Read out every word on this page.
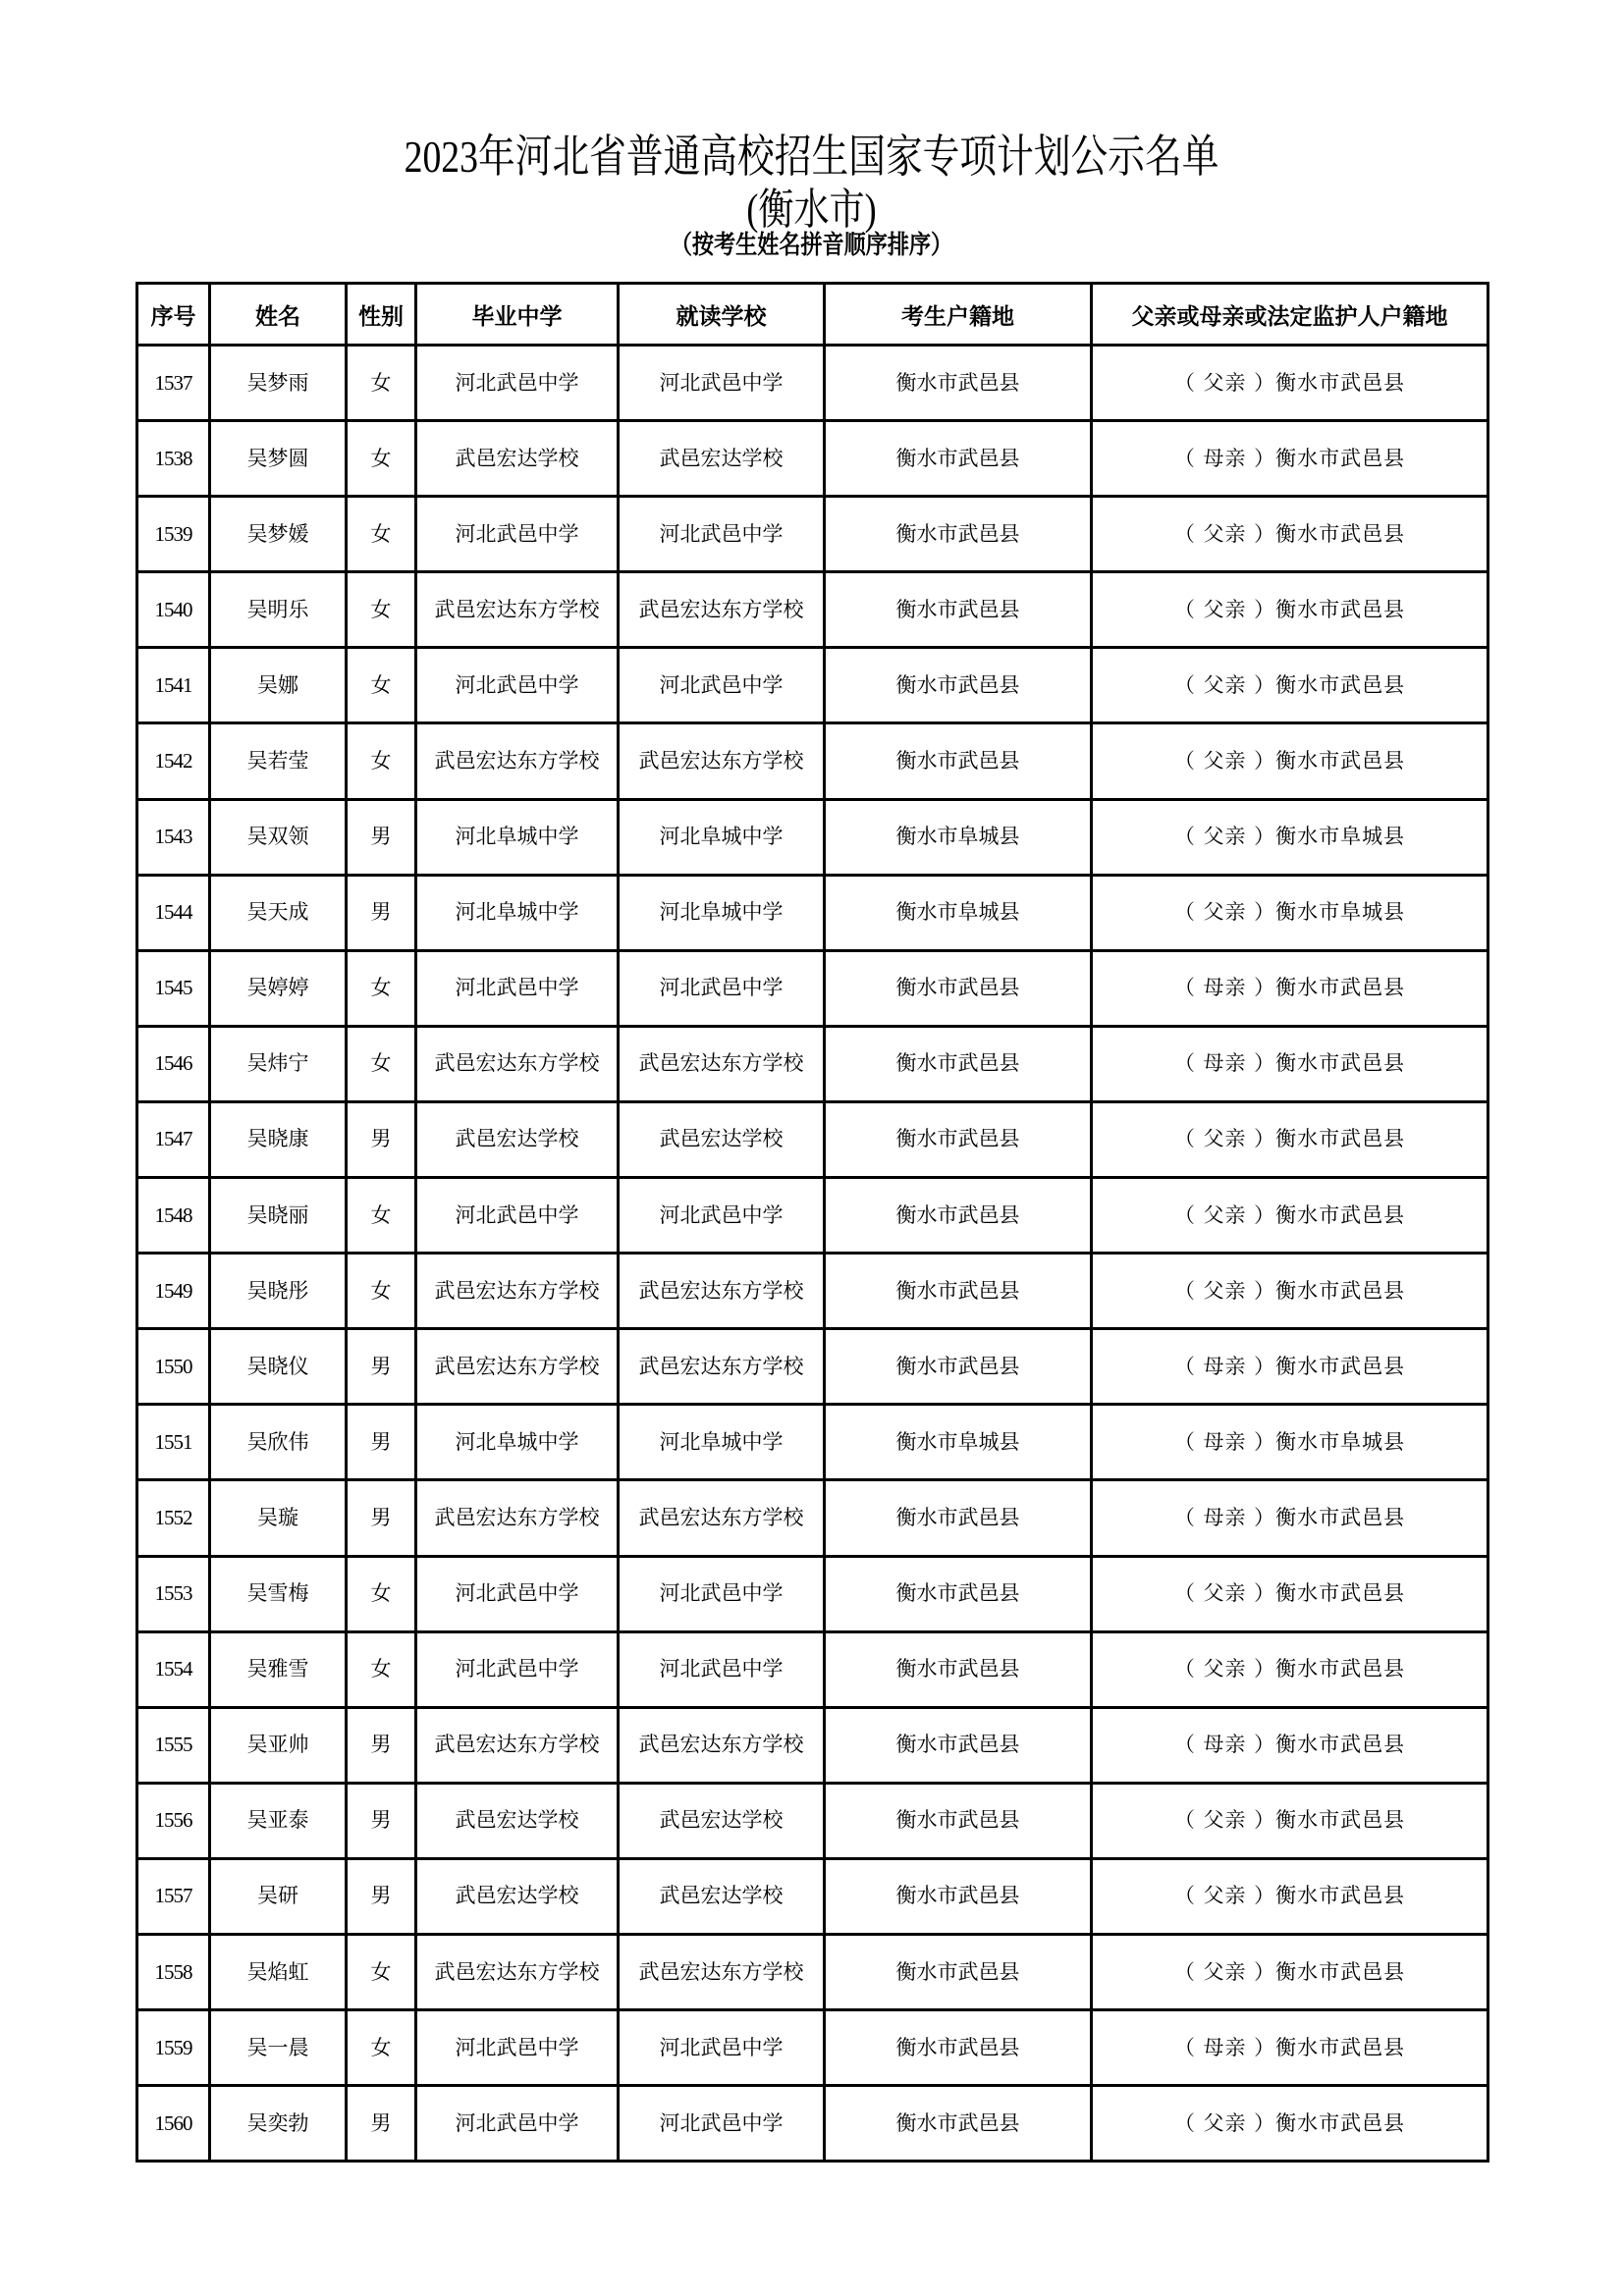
2023年河北省普通高校招生国家专项计划公示名单
(衡水市)
（按考生姓名拼音顺序排序）
序号	姓名	性别	毕业中学	就读学校	考生户籍地	父亲或母亲或法定监护人户籍地
1537	吴梦雨	女	河北武邑中学	河北武邑中学	衡水市武邑县	（ 父亲 ）衡水市武邑县
1538	吴梦圆	女	武邑宏达学校	武邑宏达学校	衡水市武邑县	（ 母亲 ）衡水市武邑县
1539	吴梦媛	女	河北武邑中学	河北武邑中学	衡水市武邑县	（ 父亲 ）衡水市武邑县
1540	吴明乐	女	武邑宏达东方学校	武邑宏达东方学校	衡水市武邑县	（ 父亲 ）衡水市武邑县
1541	吴娜	女	河北武邑中学	河北武邑中学	衡水市武邑县	（ 父亲 ）衡水市武邑县
1542	吴若莹	女	武邑宏达东方学校	武邑宏达东方学校	衡水市武邑县	（ 父亲 ）衡水市武邑县
1543	吴双领	男	河北阜城中学	河北阜城中学	衡水市阜城县	（ 父亲 ）衡水市阜城县
1544	吴天成	男	河北阜城中学	河北阜城中学	衡水市阜城县	（ 父亲 ）衡水市阜城县
1545	吴婷婷	女	河北武邑中学	河北武邑中学	衡水市武邑县	（ 母亲 ）衡水市武邑县
1546	吴炜宁	女	武邑宏达东方学校	武邑宏达东方学校	衡水市武邑县	（ 母亲 ）衡水市武邑县
1547	吴晓康	男	武邑宏达学校	武邑宏达学校	衡水市武邑县	（ 父亲 ）衡水市武邑县
1548	吴晓丽	女	河北武邑中学	河北武邑中学	衡水市武邑县	（ 父亲 ）衡水市武邑县
1549	吴晓彤	女	武邑宏达东方学校	武邑宏达东方学校	衡水市武邑县	（ 父亲 ）衡水市武邑县
1550	吴晓仪	男	武邑宏达东方学校	武邑宏达东方学校	衡水市武邑县	（ 母亲 ）衡水市武邑县
1551	吴欣伟	男	河北阜城中学	河北阜城中学	衡水市阜城县	（ 母亲 ）衡水市阜城县
1552	吴璇	男	武邑宏达东方学校	武邑宏达东方学校	衡水市武邑县	（ 母亲 ）衡水市武邑县
1553	吴雪梅	女	河北武邑中学	河北武邑中学	衡水市武邑县	（ 父亲 ）衡水市武邑县
1554	吴雅雪	女	河北武邑中学	河北武邑中学	衡水市武邑县	（ 父亲 ）衡水市武邑县
1555	吴亚帅	男	武邑宏达东方学校	武邑宏达东方学校	衡水市武邑县	（ 母亲 ）衡水市武邑县
1556	吴亚泰	男	武邑宏达学校	武邑宏达学校	衡水市武邑县	（ 父亲 ）衡水市武邑县
1557	吴研	男	武邑宏达学校	武邑宏达学校	衡水市武邑县	（ 父亲 ）衡水市武邑县
1558	吴焰虹	女	武邑宏达东方学校	武邑宏达东方学校	衡水市武邑县	（ 父亲 ）衡水市武邑县
1559	吴一晨	女	河北武邑中学	河北武邑中学	衡水市武邑县	（ 母亲 ）衡水市武邑县
1560	吴奕勃	男	河北武邑中学	河北武邑中学	衡水市武邑县	（ 父亲 ）衡水市武邑县
